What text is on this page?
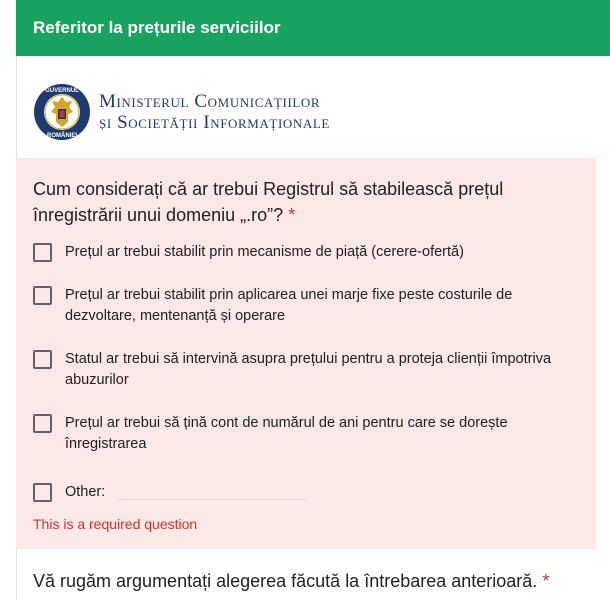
Referitor la prețurile serviciilor
GUVERNUL
ROMÂNIEI
Ministerul Comunicațiilor
și Societății Informaționale
Cum considerați că ar trebui Registrul să stabilească prețul înregistrării unui domeniu „.ro”? *
Prețul ar trebui stabilit prin mecanisme de piață (cerere-ofertă)
Prețul ar trebui stabilit prin aplicarea unei marje fixe peste costurile de dezvoltare, mentenanță și operare
Statul ar trebui să intervină asupra prețului pentru a proteja clienții împotriva abuzurilor
Prețul ar trebui să țină cont de numărul de ani pentru care se dorește înregistrarea
Other:
This is a required question
Vă rugăm argumentați alegerea făcută la întrebarea anterioară. *
